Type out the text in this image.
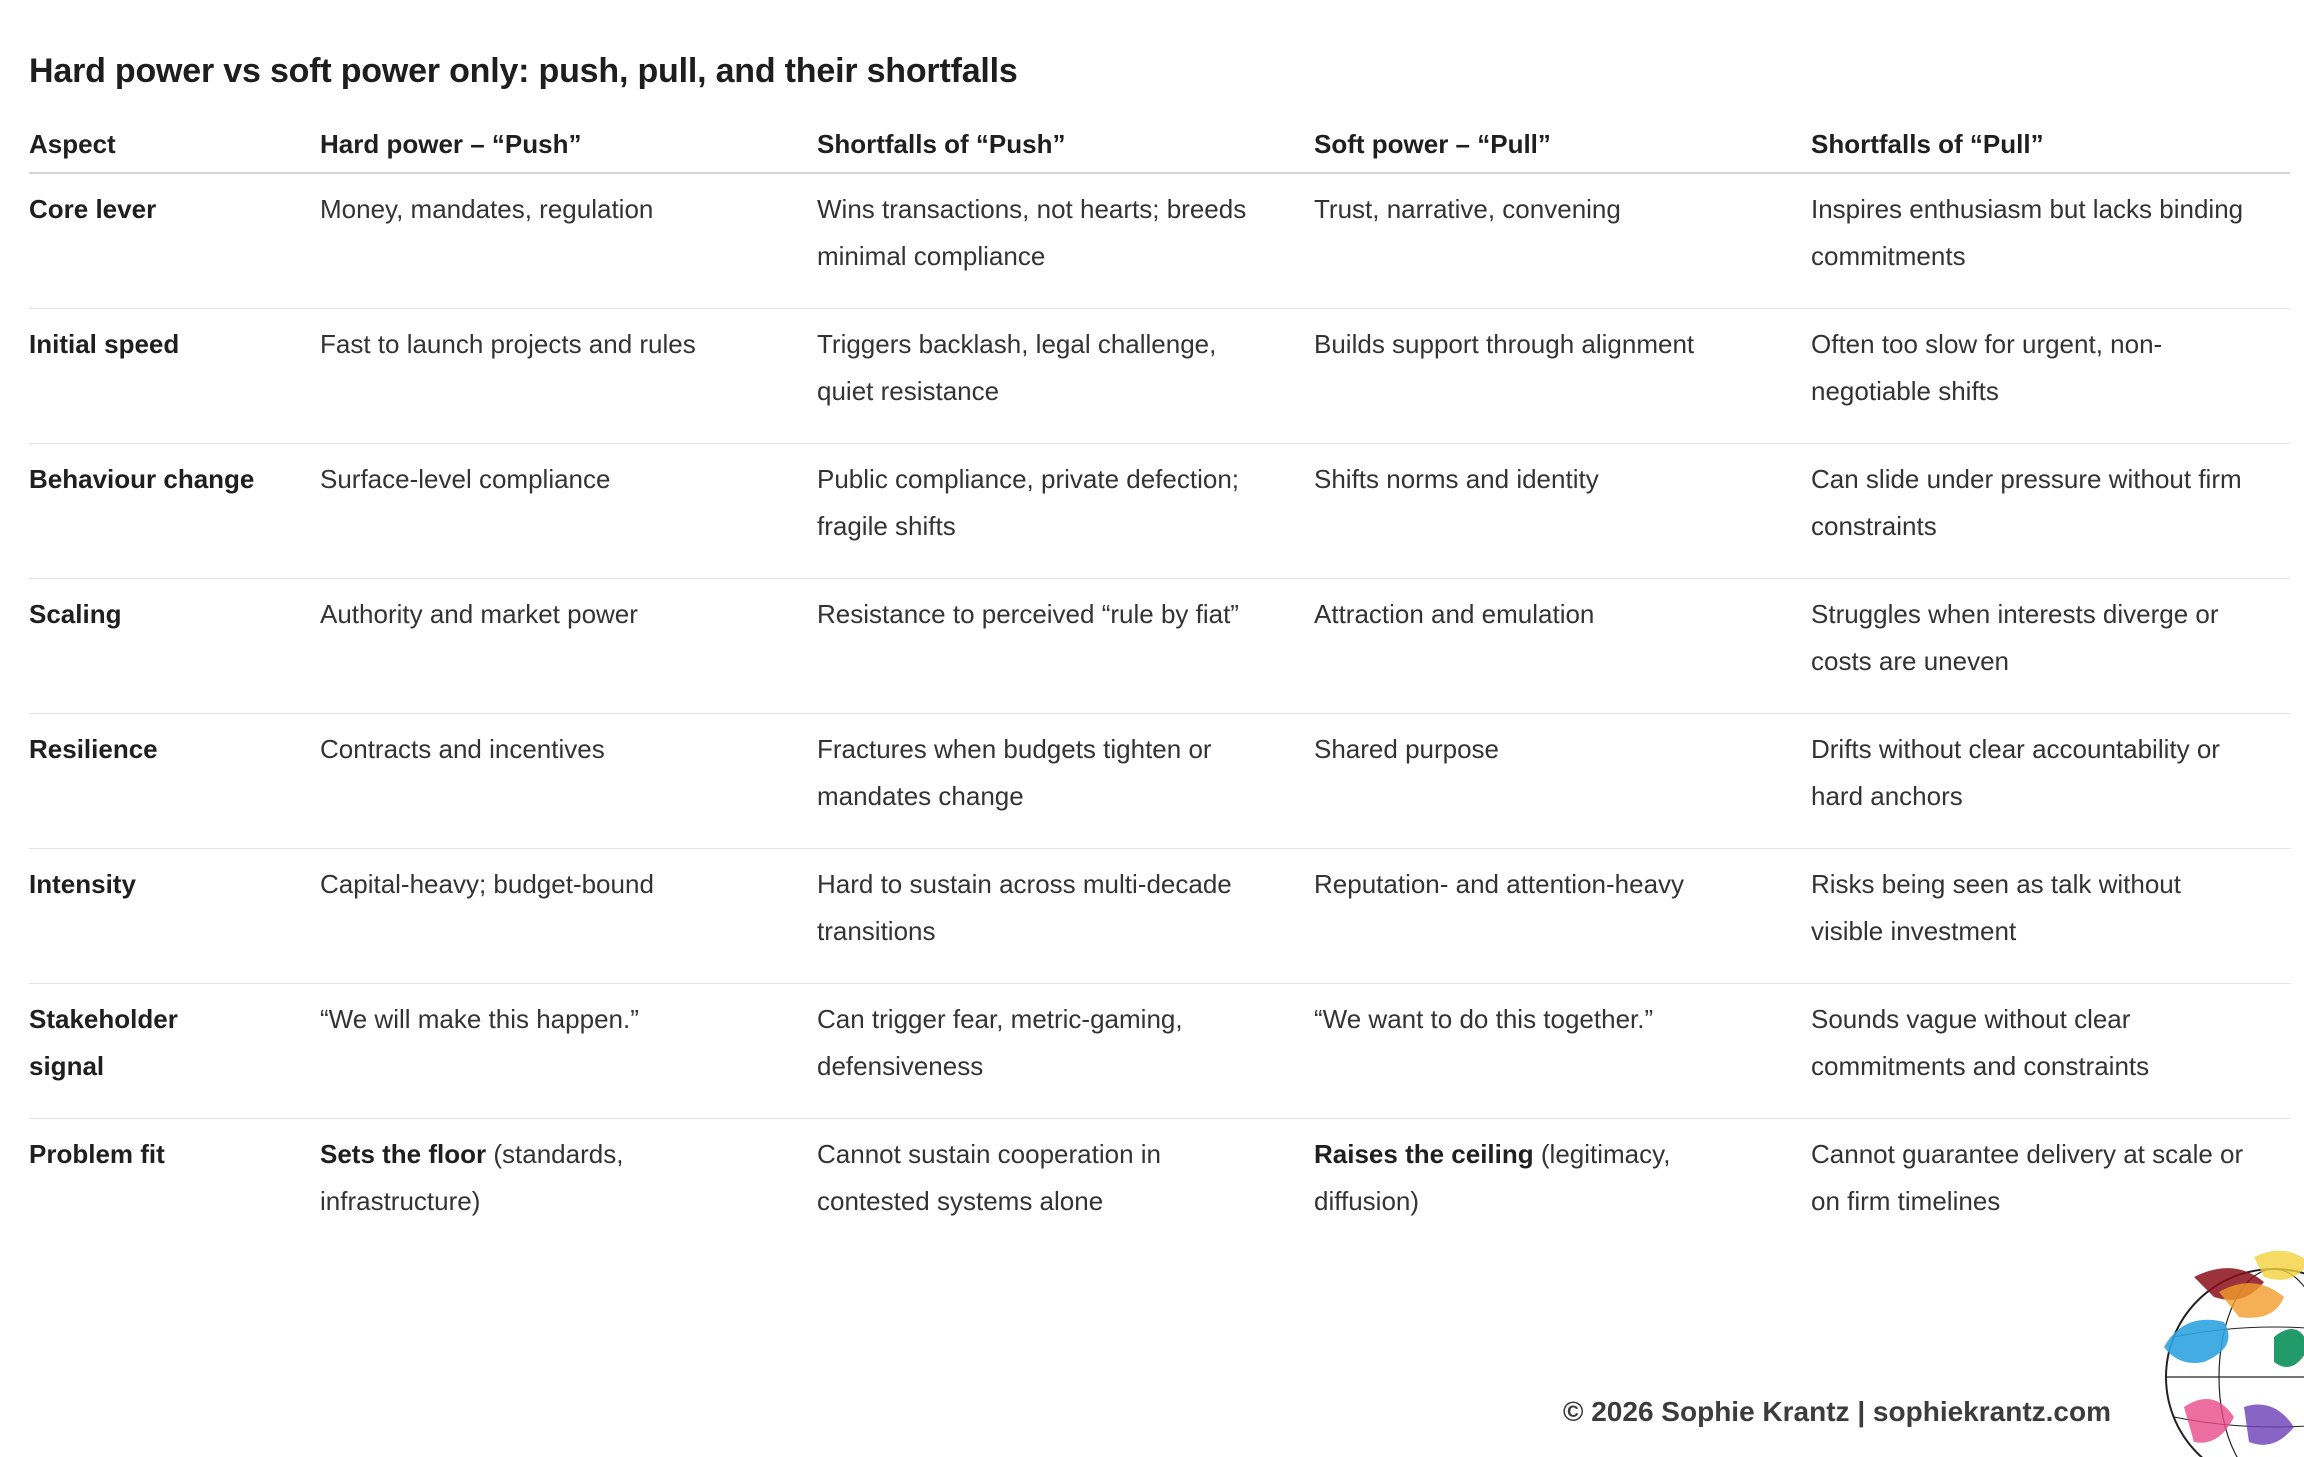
Hard power vs soft power only: push, pull, and their shortfalls
Aspect	Hard power – “Push”	Shortfalls of “Push”	Soft power – “Pull”	Shortfalls of “Pull”
Core lever	Money, mandates, regulation	Wins transactions, not hearts; breeds minimal compliance	Trust, narrative, convening	Inspires enthusiasm but lacks binding commitments
Initial speed	Fast to launch projects and rules	Triggers backlash, legal challenge, quiet resistance	Builds support through alignment	Often too slow for urgent, non-negotiable shifts
Behaviour change	Surface-level compliance	Public compliance, private defection; fragile shifts	Shifts norms and identity	Can slide under pressure without firm constraints
Scaling	Authority and market power	Resistance to perceived “rule by fiat”	Attraction and emulation	Struggles when interests diverge or costs are uneven
Resilience	Contracts and incentives	Fractures when budgets tighten or mandates change	Shared purpose	Drifts without clear accountability or hard anchors
Intensity	Capital-heavy; budget-bound	Hard to sustain across multi-decade transitions	Reputation- and attention-heavy	Risks being seen as talk without visible investment
Stakeholder signal	“We will make this happen.”	Can trigger fear, metric-gaming, defensiveness	“We want to do this together.”	Sounds vague without clear commitments and constraints
Problem fit	Sets the floor (standards, infrastructure)	Cannot sustain cooperation in contested systems alone	Raises the ceiling (legitimacy, diffusion)	Cannot guarantee delivery at scale or on firm timelines
© 2026 Sophie Krantz | sophiekrantz.com
